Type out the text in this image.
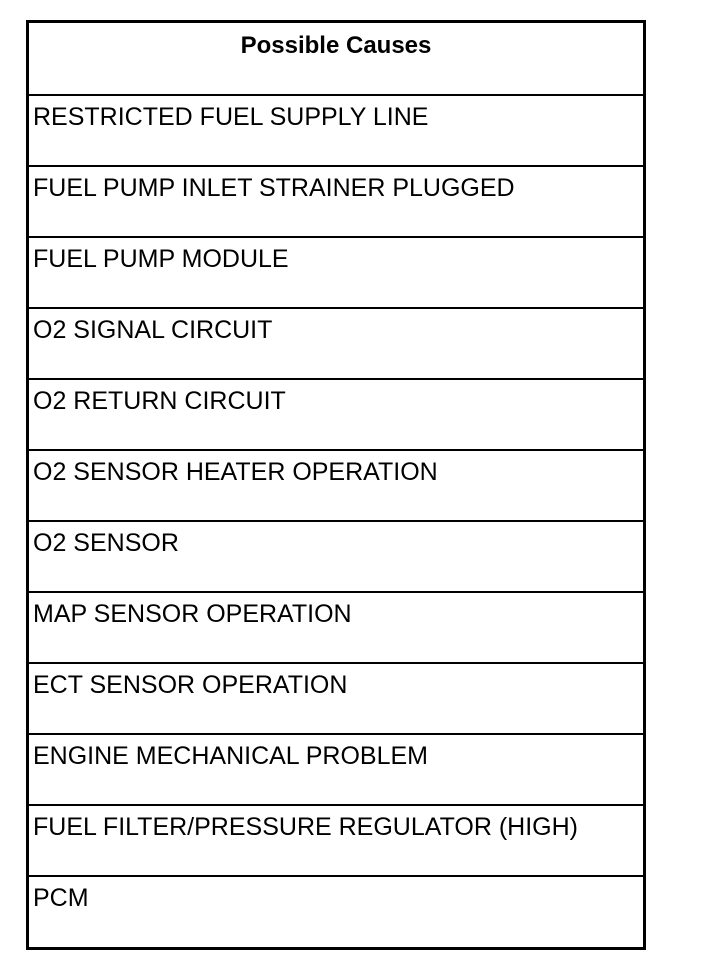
Possible Causes
RESTRICTED FUEL SUPPLY LINE
FUEL PUMP INLET STRAINER PLUGGED
FUEL PUMP MODULE
O2 SIGNAL CIRCUIT
O2 RETURN CIRCUIT
O2 SENSOR HEATER OPERATION
O2 SENSOR
MAP SENSOR OPERATION
ECT SENSOR OPERATION
ENGINE MECHANICAL PROBLEM
FUEL FILTER/PRESSURE REGULATOR (HIGH)
PCM
